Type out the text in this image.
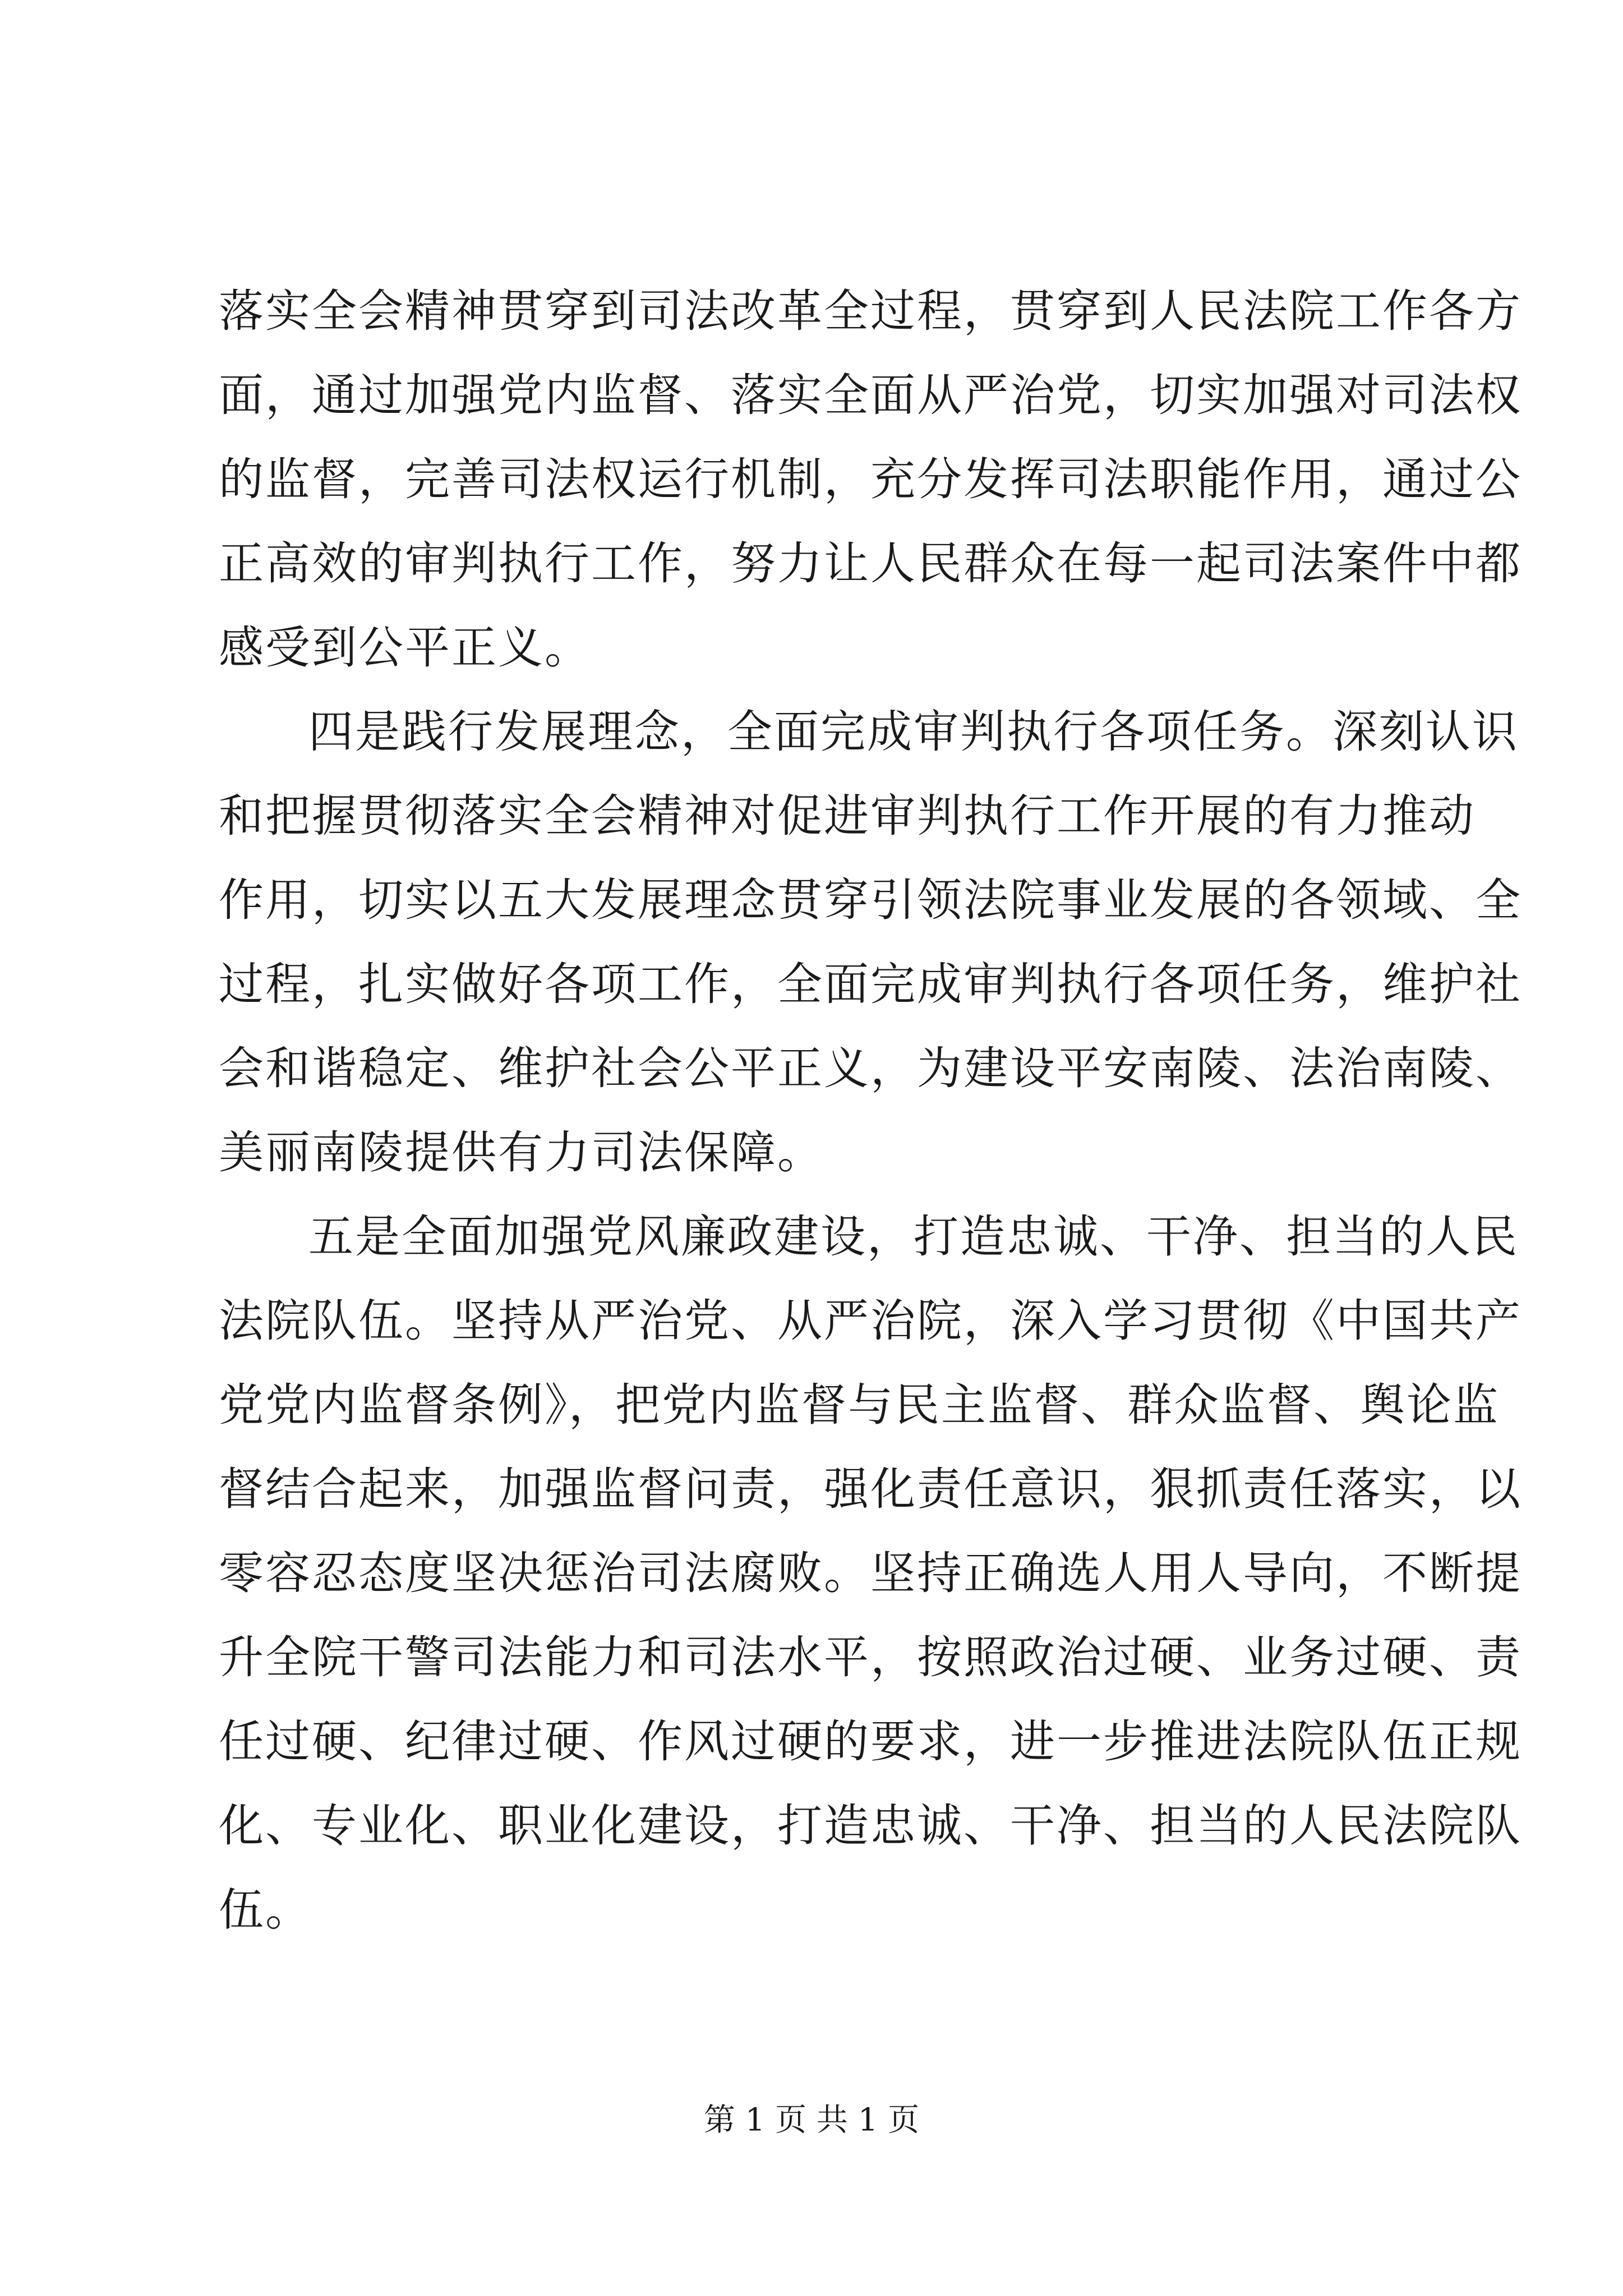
落实全会精神贯穿到司法改革全过程，贯穿到人民法院工作各方
面，通过加强党内监督、落实全面从严治党，切实加强对司法权
的监督，完善司法权运行机制，充分发挥司法职能作用，通过公
正高效的审判执行工作，努力让人民群众在每一起司法案件中都
感受到公平正义。
四是践行发展理念，全面完成审判执行各项任务。深刻认识
和把握贯彻落实全会精神对促进审判执行工作开展的有力推动
作用，切实以五大发展理念贯穿引领法院事业发展的各领域、全
过程，扎实做好各项工作，全面完成审判执行各项任务，维护社
会和谐稳定、维护社会公平正义，为建设平安南陵、法治南陵、
美丽南陵提供有力司法保障。
五是全面加强党风廉政建设，打造忠诚、干净、担当的人民
法院队伍。坚持从严治党、从严治院，深入学习贯彻《中国共产
党党内监督条例》，把党内监督与民主监督、群众监督、舆论监
督结合起来，加强监督问责，强化责任意识，狠抓责任落实，以
零容忍态度坚决惩治司法腐败。坚持正确选人用人导向，不断提
升全院干警司法能力和司法水平，按照政治过硬、业务过硬、责
任过硬、纪律过硬、作风过硬的要求，进一步推进法院队伍正规
化、专业化、职业化建设，打造忠诚、干净、担当的人民法院队
伍。
第 1 页 共 1 页
